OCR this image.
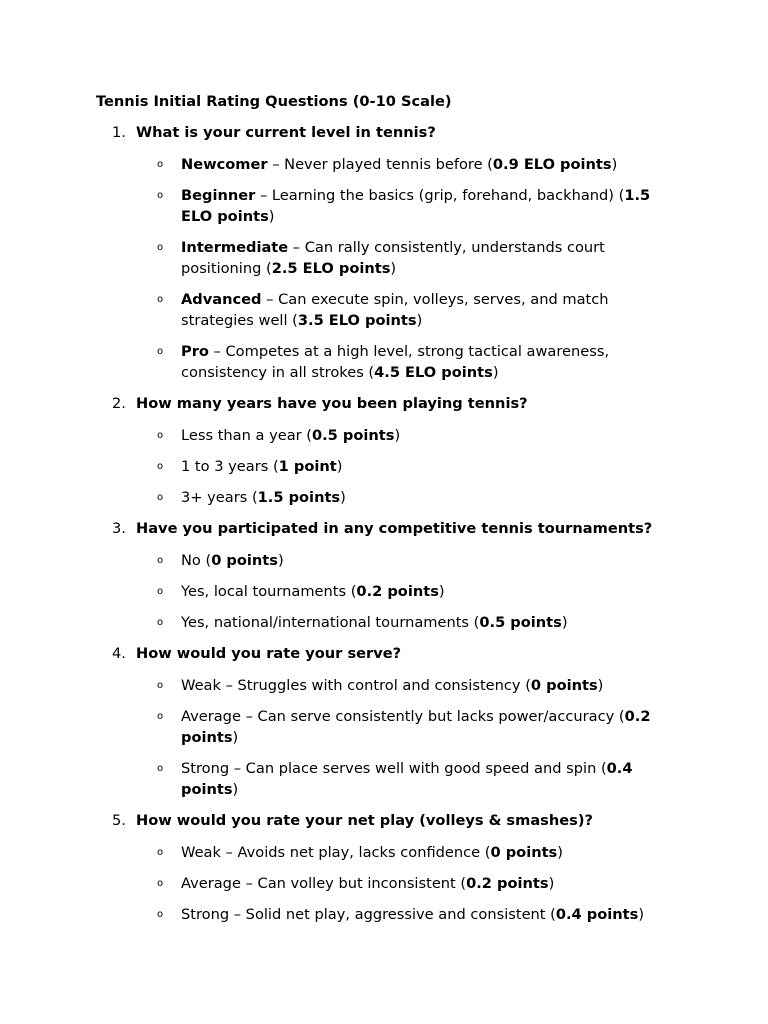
Tennis Initial Rating Questions (0-10 Scale)
1. What is your current level in tennis?
o Newcomer – Never played tennis before (0.9 ELO points)
o Beginner – Learning the basics (grip, forehand, backhand) (1.5 ELO points)
o Intermediate – Can rally consistently, understands court positioning (2.5 ELO points)
o Advanced – Can execute spin, volleys, serves, and match strategies well (3.5 ELO points)
o Pro – Competes at a high level, strong tactical awareness, consistency in all strokes (4.5 ELO points)
2. How many years have you been playing tennis?
o Less than a year (0.5 points)
o 1 to 3 years (1 point)
o 3+ years (1.5 points)
3. Have you participated in any competitive tennis tournaments?
o No (0 points)
o Yes, local tournaments (0.2 points)
o Yes, national/international tournaments (0.5 points)
4. How would you rate your serve?
o Weak – Struggles with control and consistency (0 points)
o Average – Can serve consistently but lacks power/accuracy (0.2 points)
o Strong – Can place serves well with good speed and spin (0.4 points)
5. How would you rate your net play (volleys & smashes)?
o Weak – Avoids net play, lacks confidence (0 points)
o Average – Can volley but inconsistent (0.2 points)
o Strong – Solid net play, aggressive and consistent (0.4 points)
